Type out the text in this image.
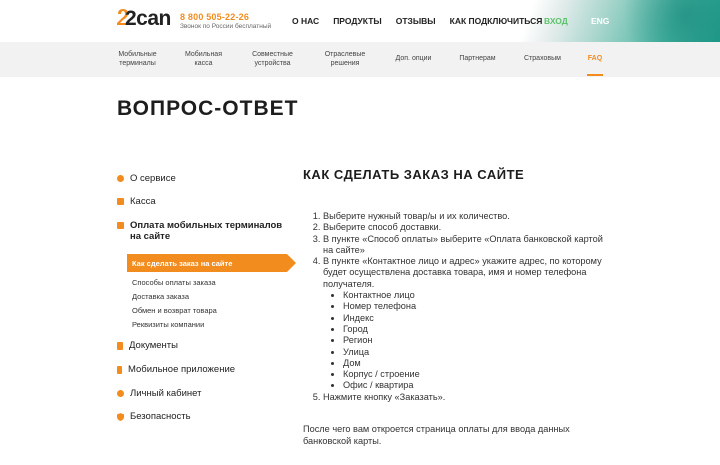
2can 8 800 505-22-26
Звонок по России бесплатный
О НАС ПРОДУКТЫ ОТЗЫВЫ КАК ПОДКЛЮЧИТЬСЯ ВХОД	ENG
Мобильные терминалы
Мобильная касса
Совместные устройства
Отраслевые решения
Доп. опции	Партнерам	Страховым	FAQ
ВОПРОС-ОТВЕТ
О сервисе
Касса
Оплата мобильных терминалов на сайте
Как сделать заказ на сайте
Способы оплаты заказа
Доставка заказа
Обмен и возврат товара
Реквизиты компании
Документы
Мобильное приложение
Личный кабинет
Безопасность
КАК СДЕЛАТЬ ЗАКАЗ НА САЙТЕ
1. Выберите нужный товар/ы и их количество.
2. Выберите способ доставки.
3. В пункте «Способ оплаты» выберите «Оплата банковской картой на сайте»
4. В пункте «Контактное лицо и адрес» укажите адрес, по которому будет осуществлена доставка товара, имя и номер телефона получателя.
• Контактное лицо
• Номер телефона
• Индекс
• Город
• Регион
• Улица
• Дом
• Корпус / строение
• Офис / квартира
5. Нажмите кнопку «Заказать».

После чего вам откроется страница оплаты для ввода данных банковской карты.
